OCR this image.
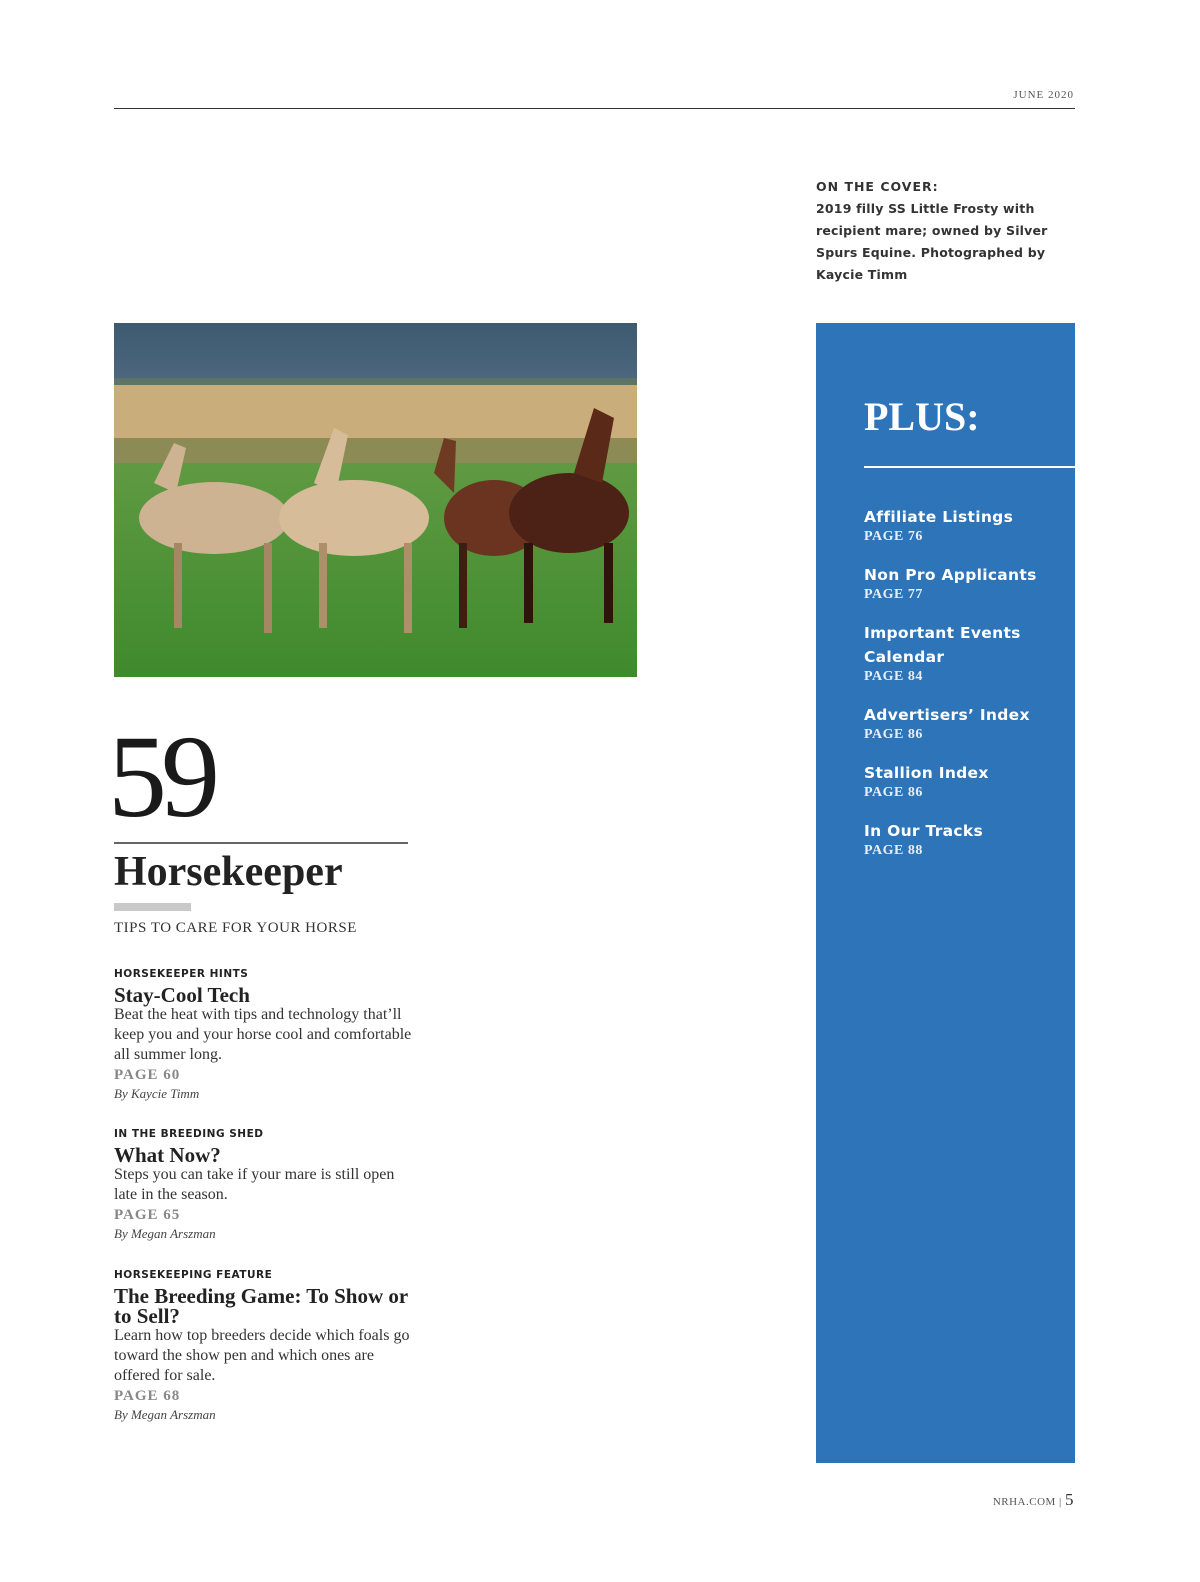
JUNE 2020
ON THE COVER:
2019 filly SS Little Frosty with recipient mare; owned by Silver Spurs Equine. Photographed by Kaycie Timm
59
Horsekeeper
TIPS TO CARE FOR YOUR HORSE
HORSEKEEPER HINTS
Stay-Cool Tech
Beat the heat with tips and technology that’ll keep you and your horse cool and comfortable all summer long.
PAGE 60
By Kaycie Timm
IN THE BREEDING SHED
What Now?
Steps you can take if your mare is still open late in the season.
PAGE 65
By Megan Arszman
HORSEKEEPING FEATURE
The Breeding Game: To Show or to Sell?
Learn how top breeders decide which foals go toward the show pen and which ones are offered for sale.
PAGE 68
By Megan Arszman
PLUS:
Affiliate Listings
PAGE 76
Non Pro Applicants
PAGE 77
Important Events Calendar
PAGE 84
Advertisers’ Index
PAGE 86
Stallion Index
PAGE 86
In Our Tracks
PAGE 88
NRHA.COM | 5
